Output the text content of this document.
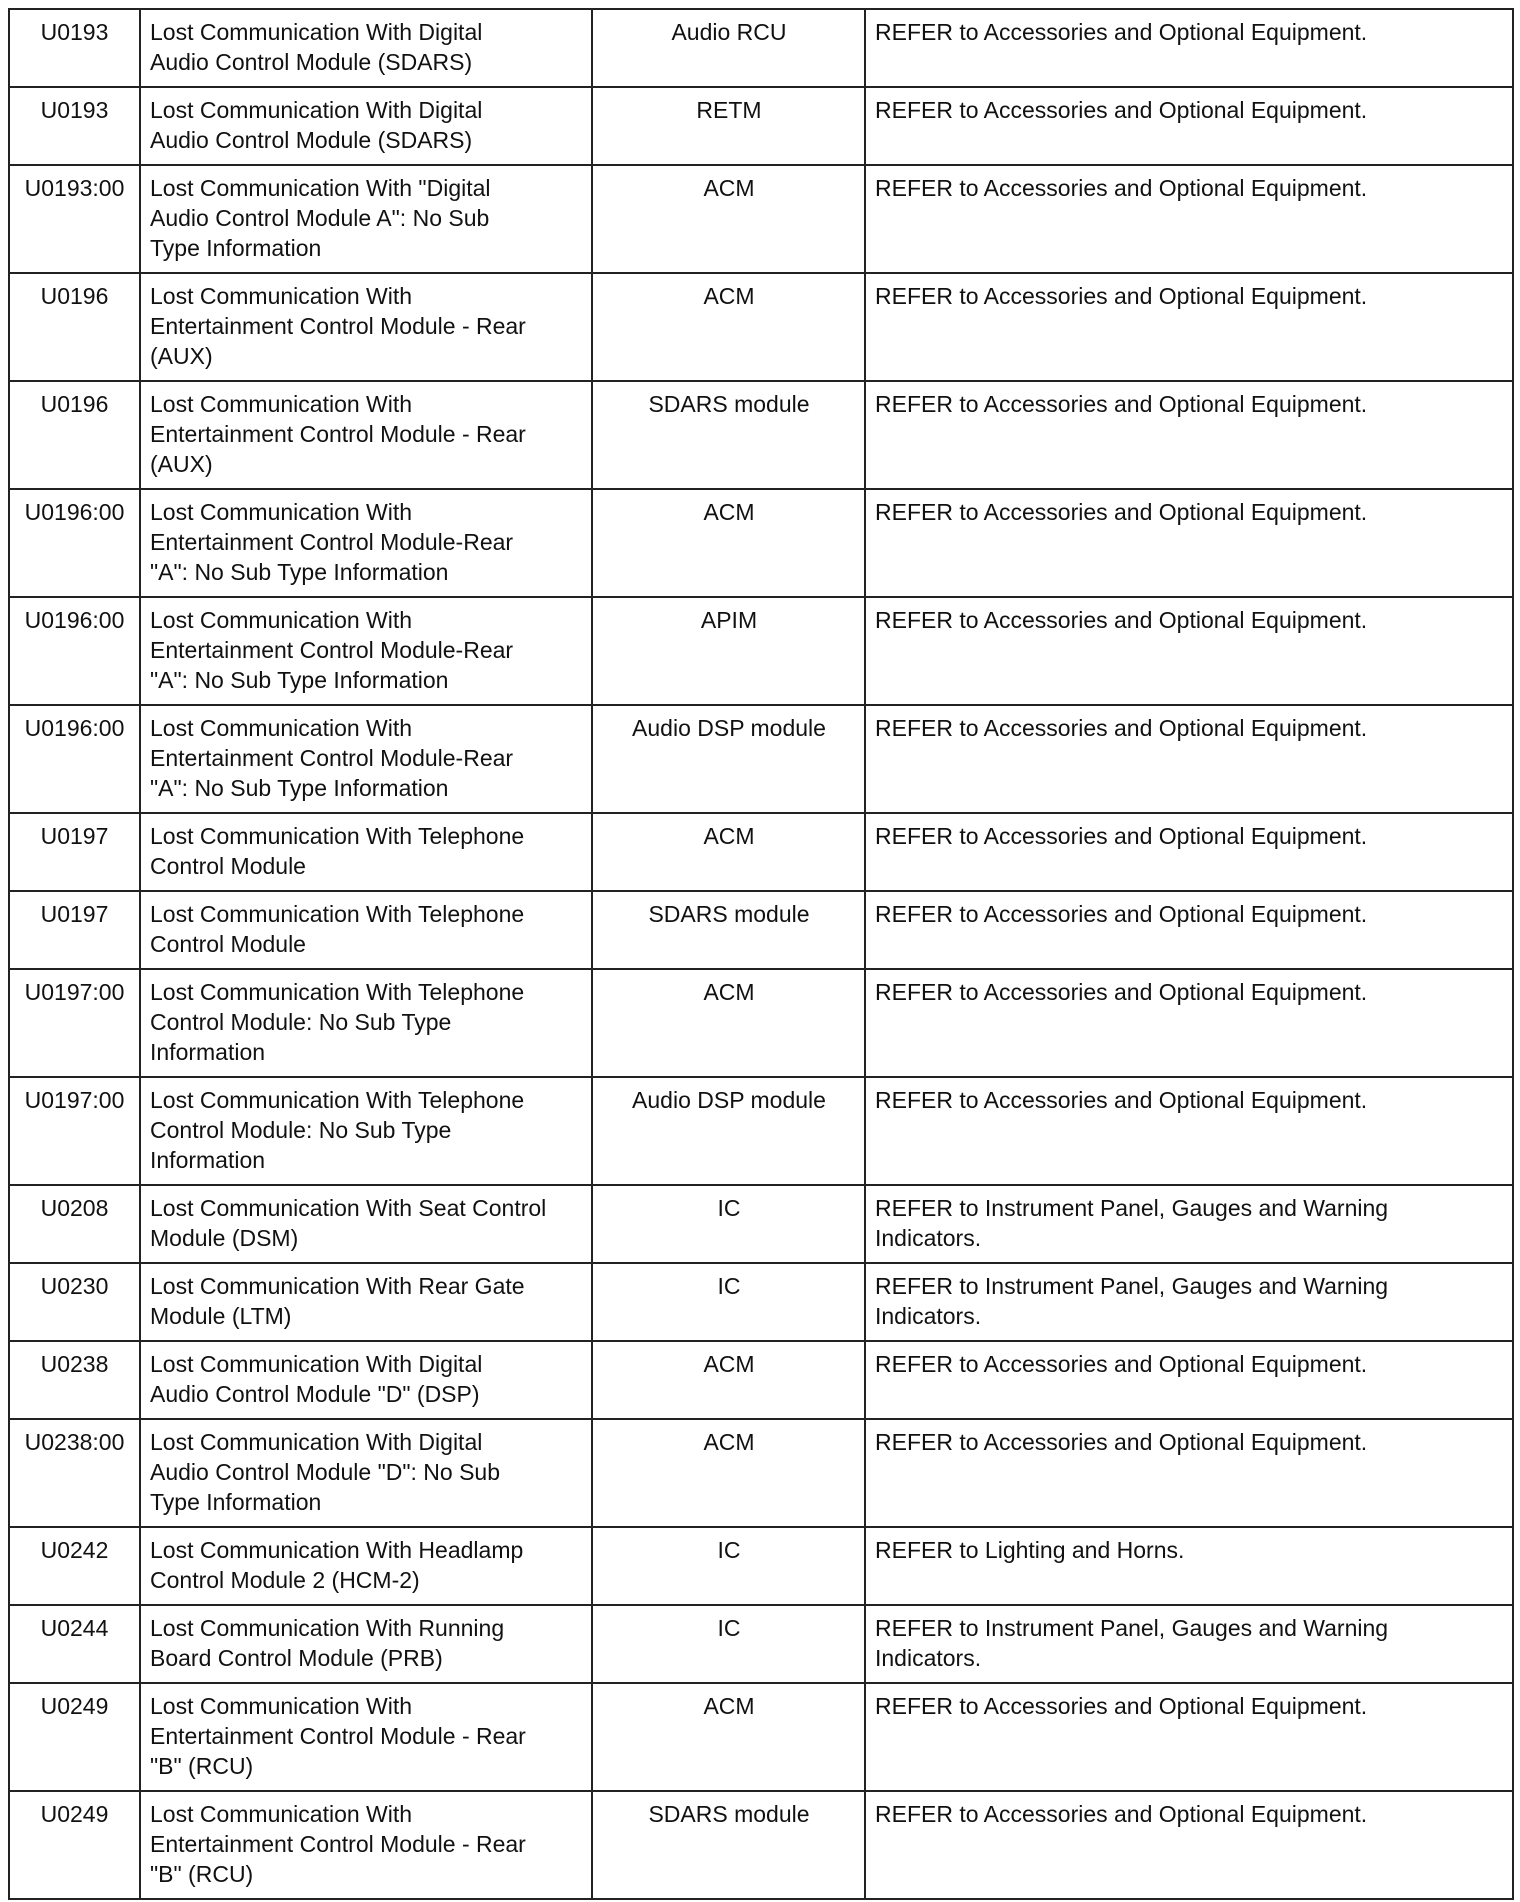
U0193	Lost Communication With Digital
Audio Control Module (SDARS)	Audio RCU	REFER to Accessories and Optional Equipment.

U0193	Lost Communication With Digital
Audio Control Module (SDARS)	RETM	REFER to Accessories and Optional Equipment.

U0193:00	Lost Communication With "Digital
Audio Control Module A": No Sub
Type Information	ACM	REFER to Accessories and Optional Equipment.

U0196	Lost Communication With
Entertainment Control Module - Rear
(AUX)	ACM	REFER to Accessories and Optional Equipment.

U0196	Lost Communication With
Entertainment Control Module - Rear
(AUX)	SDARS module	REFER to Accessories and Optional Equipment.

U0196:00	Lost Communication With
Entertainment Control Module-Rear
"A": No Sub Type Information	ACM	REFER to Accessories and Optional Equipment.

U0196:00	Lost Communication With
Entertainment Control Module-Rear
"A": No Sub Type Information	APIM	REFER to Accessories and Optional Equipment.

U0196:00	Lost Communication With
Entertainment Control Module-Rear
"A": No Sub Type Information	Audio DSP module	REFER to Accessories and Optional Equipment.

U0197	Lost Communication With Telephone
Control Module	ACM	REFER to Accessories and Optional Equipment.

U0197	Lost Communication With Telephone
Control Module	SDARS module	REFER to Accessories and Optional Equipment.

U0197:00	Lost Communication With Telephone
Control Module: No Sub Type
Information	ACM	REFER to Accessories and Optional Equipment.

U0197:00	Lost Communication With Telephone
Control Module: No Sub Type
Information	Audio DSP module	REFER to Accessories and Optional Equipment.

U0208	Lost Communication With Seat Control
Module (DSM)	IC	REFER to Instrument Panel, Gauges and Warning
Indicators.

U0230	Lost Communication With Rear Gate
Module (LTM)	IC	REFER to Instrument Panel, Gauges and Warning
Indicators.

U0238	Lost Communication With Digital
Audio Control Module "D" (DSP)	ACM	REFER to Accessories and Optional Equipment.

U0238:00	Lost Communication With Digital
Audio Control Module "D": No Sub
Type Information	ACM	REFER to Accessories and Optional Equipment.

U0242	Lost Communication With Headlamp
Control Module 2 (HCM-2)	IC	REFER to Lighting and Horns.

U0244	Lost Communication With Running
Board Control Module (PRB)	IC	REFER to Instrument Panel, Gauges and Warning
Indicators.

U0249	Lost Communication With
Entertainment Control Module - Rear
"B" (RCU)	ACM	REFER to Accessories and Optional Equipment.

U0249	Lost Communication With
Entertainment Control Module - Rear
"B" (RCU)	SDARS module	REFER to Accessories and Optional Equipment.
